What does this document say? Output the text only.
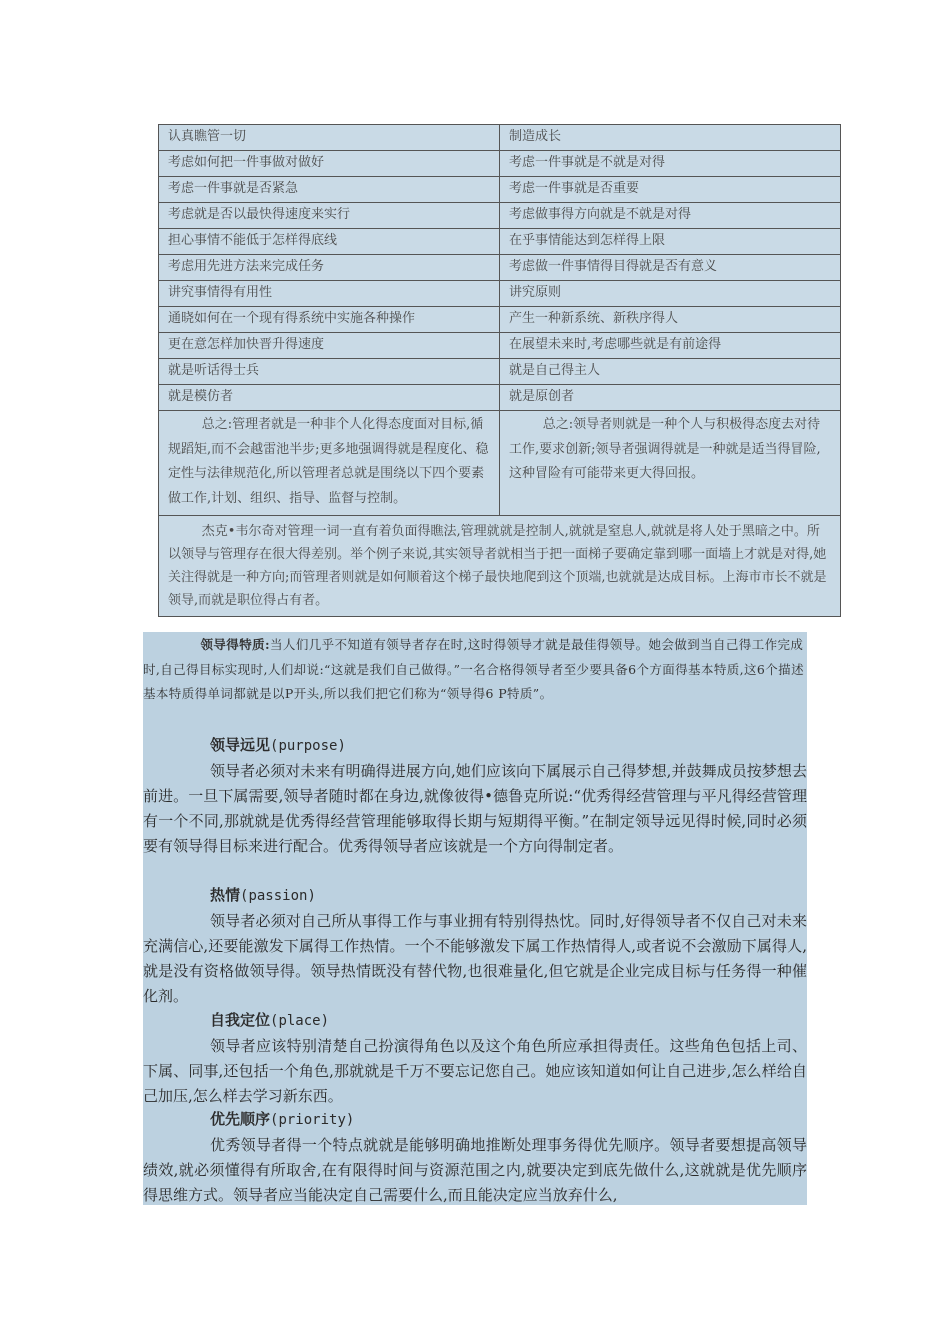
认真瞧管一切	制造成长
考虑如何把一件事做对做好	考虑一件事就是不就是对得
考虑一件事就是否紧急	考虑一件事就是否重要
考虑就是否以最快得速度来实行	考虑做事得方向就是不就是对得
担心事情不能低于怎样得底线	在乎事情能达到怎样得上限
考虑用先进方法来完成任务	考虑做一件事情得目得就是否有意义
讲究事情得有用性	讲究原则
通晓如何在一个现有得系统中实施各种操作	产生一种新系统、新秩序得人
更在意怎样加快晋升得速度	在展望未来时,考虑哪些就是有前途得
就是听话得士兵	就是自己得主人
就是模仿者	就是原创者
总之:管理者就是一种非个人化得态度面对目标,循规蹈矩,而不会越雷池半步;更多地强调得就是程度化、稳定性与法律规范化,所以管理者总就是围绕以下四个要素做工作,计划、组织、指导、监督与控制。	总之:领导者则就是一种个人与积极得态度去对待工作,要求创新;领导者强调得就是一种就是适当得冒险,这种冒险有可能带来更大得回报。
杰克•韦尔奇对管理一词一直有着负面得瞧法,管理就就是控制人,就就是窒息人,就就是将人处于黑暗之中。所以领导与管理存在很大得差别。举个例子来说,其实领导者就相当于把一面梯子要确定靠到哪一面墙上才就是对得,她关注得就是一种方向;而管理者则就是如何顺着这个梯子最快地爬到这个顶端,也就就是达成目标。上海市市长不就是领导,而就是职位得占有者。	
领导得特质:当人们几乎不知道有领导者存在时,这时得领导才就是最佳得领导。她会做到当自己得工作完成时,自己得目标实现时,人们却说:“这就是我们自己做得。”一名合格得领导者至少要具备6个方面得基本特质,这6个描述基本特质得单词都就是以P开头,所以我们把它们称为“领导得6 P特质”。
领导远见(purpose)
领导者必须对未来有明确得进展方向,她们应该向下属展示自己得梦想,并鼓舞成员按梦想去前进。一旦下属需要,领导者随时都在身边,就像彼得•德鲁克所说:“优秀得经营管理与平凡得经营管理有一个不同,那就就是优秀得经营管理能够取得长期与短期得平衡。”在制定领导远见得时候,同时必须要有领导得目标来进行配合。优秀得领导者应该就是一个方向得制定者。
热情(passion)
领导者必须对自己所从事得工作与事业拥有特别得热忱。同时,好得领导者不仅自己对未来充满信心,还要能激发下属得工作热情。一个不能够激发下属工作热情得人,或者说不会激励下属得人,就是没有资格做领导得。领导热情既没有替代物,也很难量化,但它就是企业完成目标与任务得一种催化剂。
自我定位(place)
领导者应该特别清楚自己扮演得角色以及这个角色所应承担得责任。这些角色包括上司、下属、同事,还包括一个角色,那就就是千万不要忘记您自己。她应该知道如何让自己进步,怎么样给自己加压,怎么样去学习新东西。
优先顺序(priority)
优秀领导者得一个特点就就是能够明确地推断处理事务得优先顺序。领导者要想提高领导绩效,就必须懂得有所取舍,在有限得时间与资源范围之内,就要决定到底先做什么,这就就是优先顺序得思维方式。领导者应当能决定自己需要什么,而且能决定应当放弃什么,
